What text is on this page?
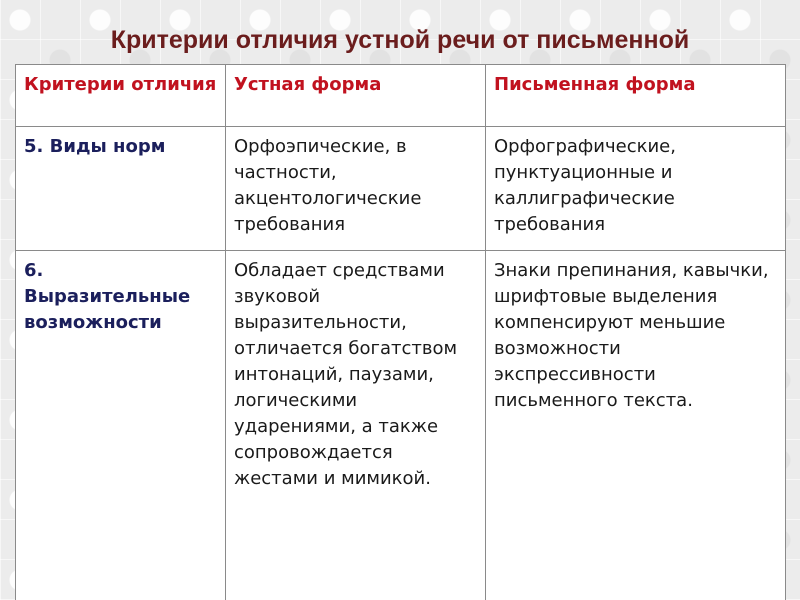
Критерии отличия устной речи от письменной
Критерии отличия	Устная форма	Письменная форма
5. Виды норм	Орфоэпические, в частности, акцентологические требования	Орфографические, пунктуационные и каллиграфические требования
6.
Выразительные
возможности	Обладает средствами звуковой выразительности, отличается богатством интонаций, паузами, логическими ударениями, а также сопровождается жестами и мимикой.	Знаки препинания, кавычки, шрифтовые выделения компенсируют меньшие возможности экспрессивности письменного текста.
